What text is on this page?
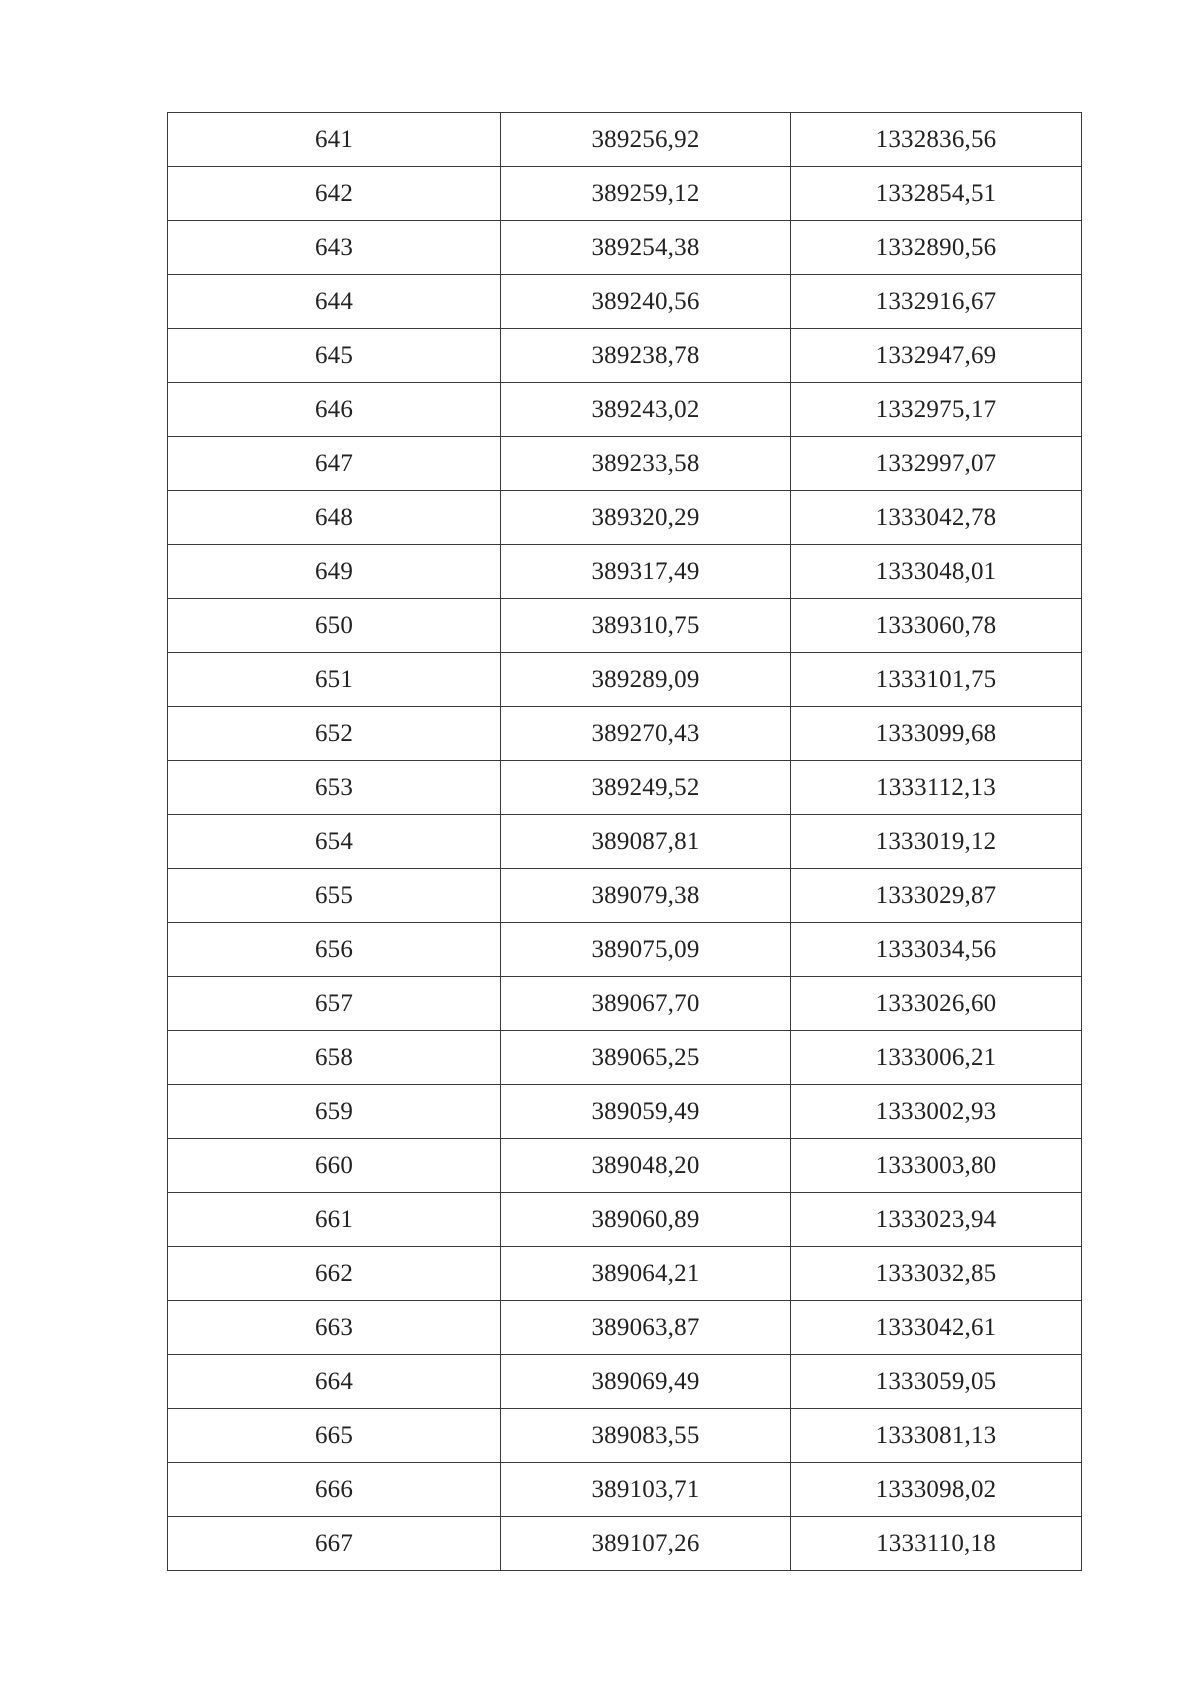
641	389256,92	1332836,56
642	389259,12	1332854,51
643	389254,38	1332890,56
644	389240,56	1332916,67
645	389238,78	1332947,69
646	389243,02	1332975,17
647	389233,58	1332997,07
648	389320,29	1333042,78
649	389317,49	1333048,01
650	389310,75	1333060,78
651	389289,09	1333101,75
652	389270,43	1333099,68
653	389249,52	1333112,13
654	389087,81	1333019,12
655	389079,38	1333029,87
656	389075,09	1333034,56
657	389067,70	1333026,60
658	389065,25	1333006,21
659	389059,49	1333002,93
660	389048,20	1333003,80
661	389060,89	1333023,94
662	389064,21	1333032,85
663	389063,87	1333042,61
664	389069,49	1333059,05
665	389083,55	1333081,13
666	389103,71	1333098,02
667	389107,26	1333110,18
